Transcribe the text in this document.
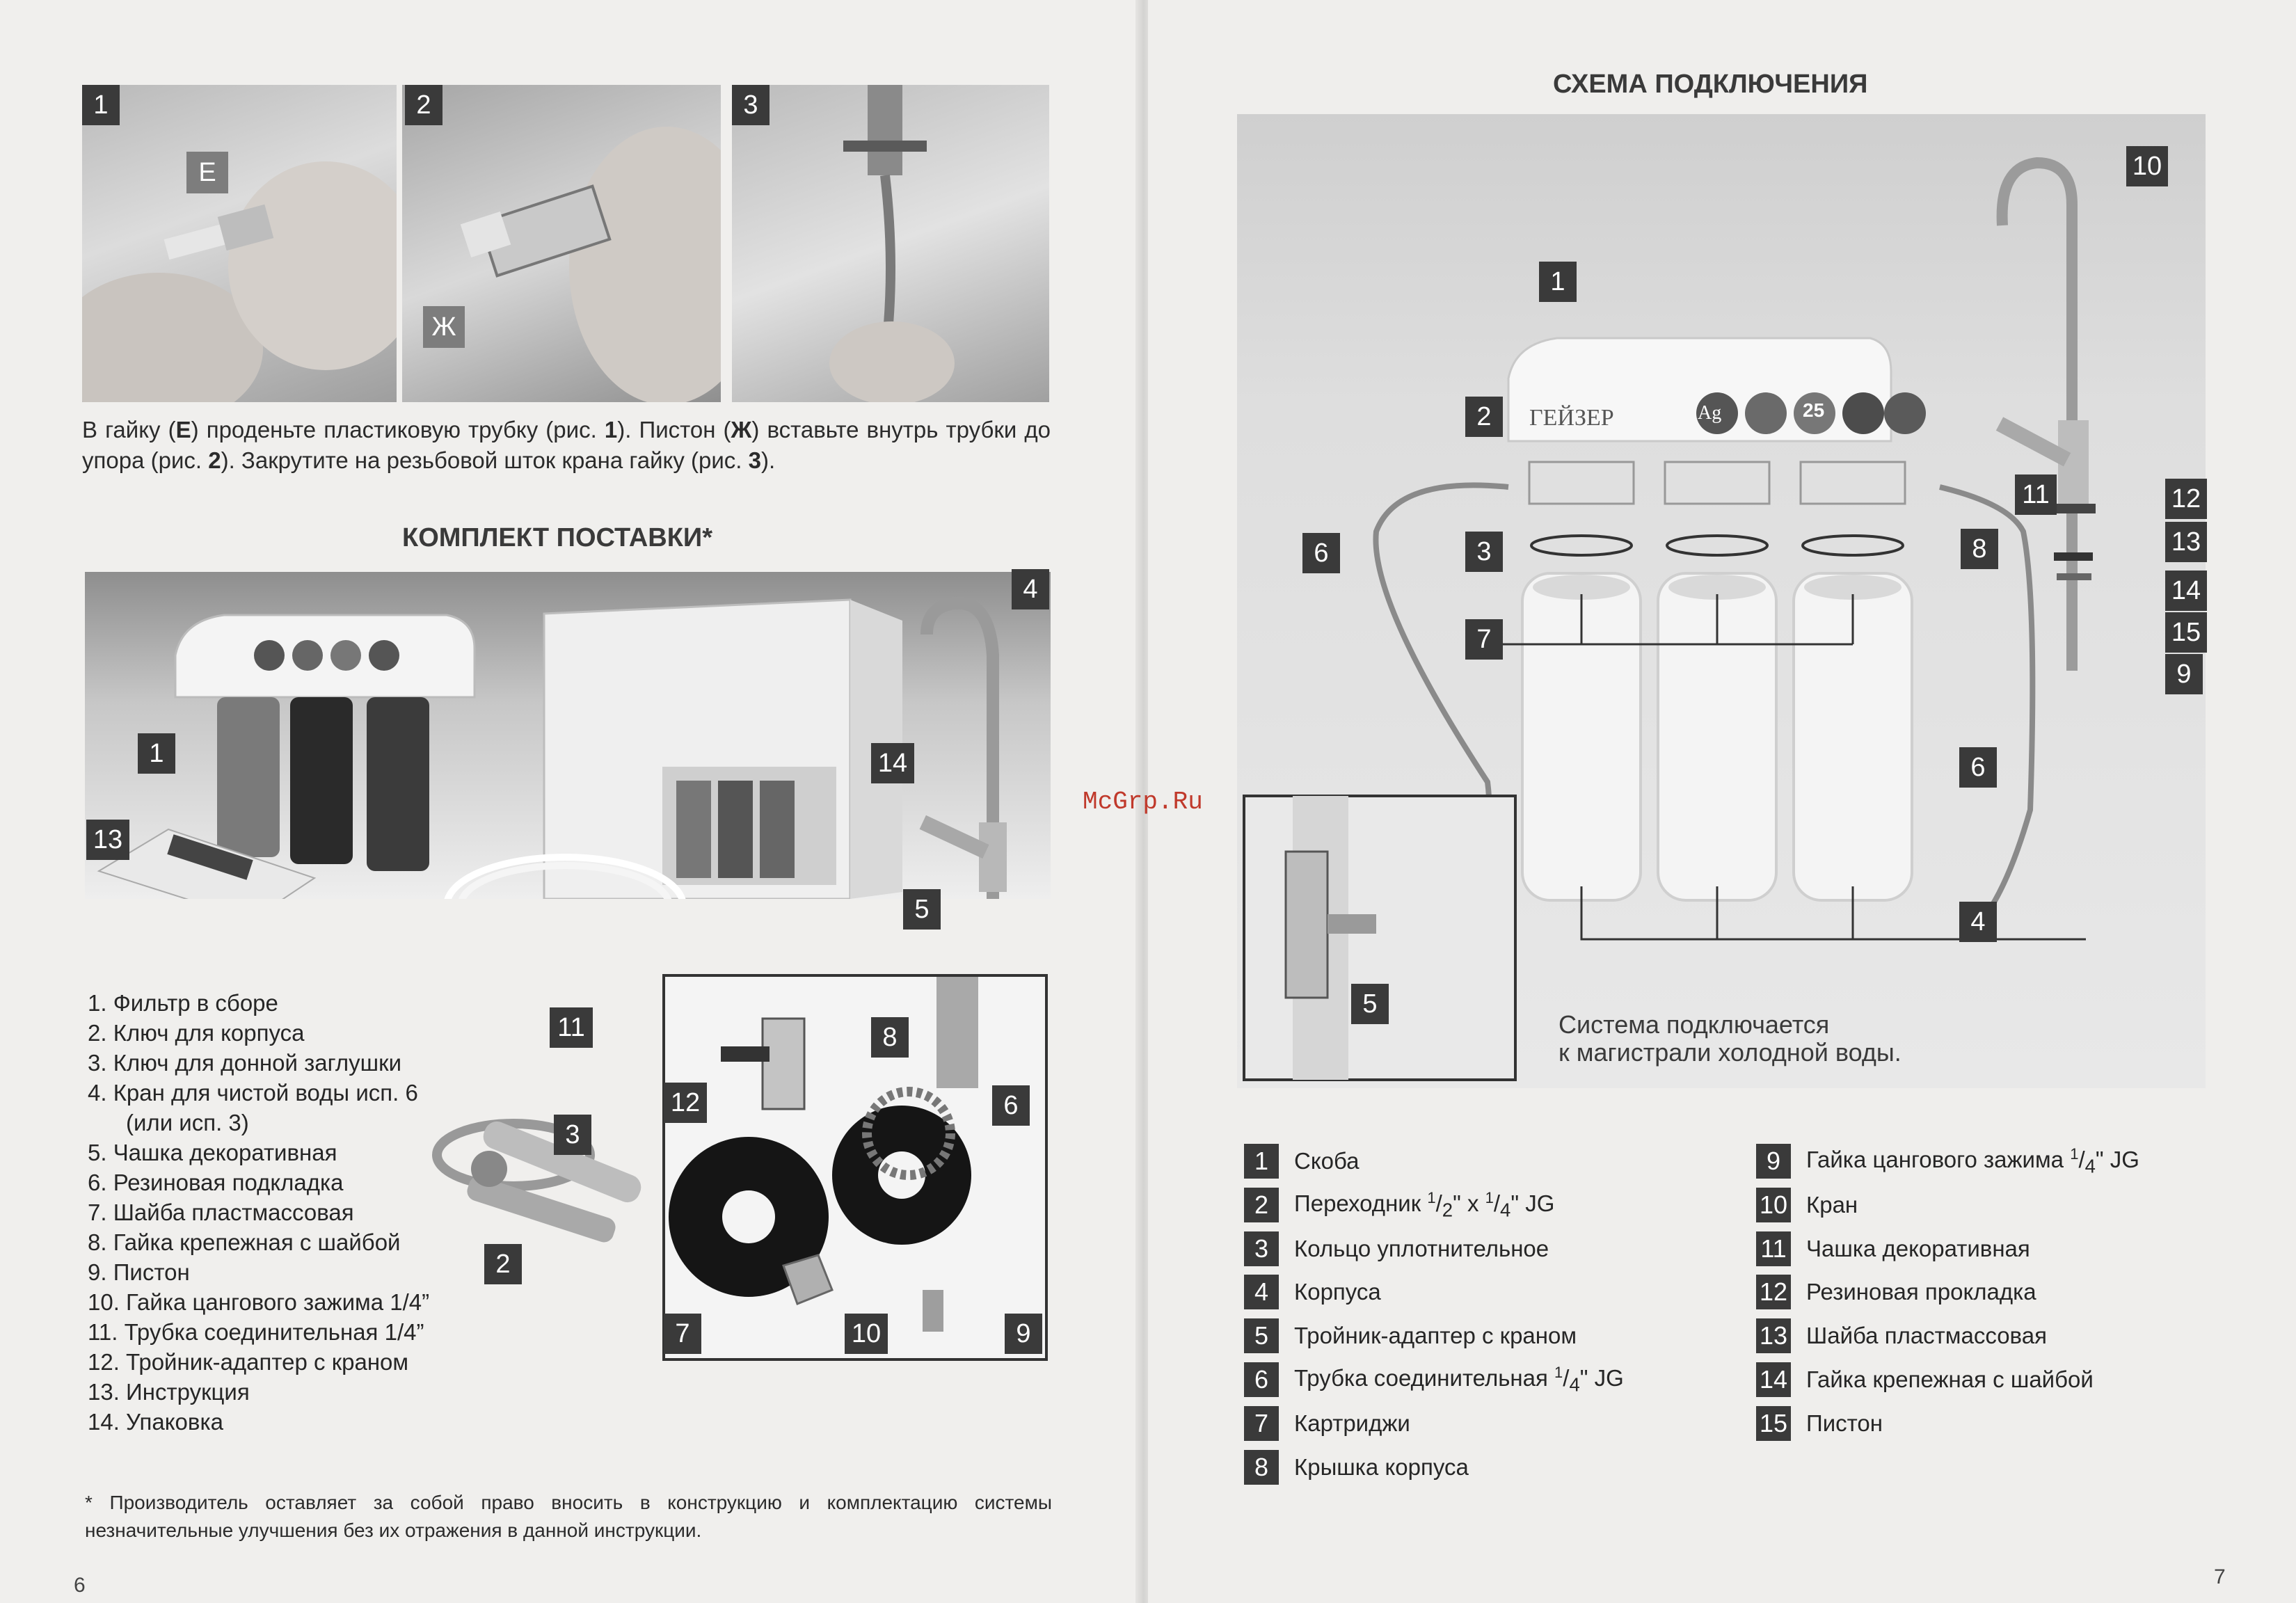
1	2	3
Е
Ж
В гайку (Е) проденьте пластиковую трубку (рис. 1). Пистон (Ж) вставьте внутрь трубки до упора (рис. 2). Закрутите на резьбовой шток крана гайку (рис. 3).
КОМПЛЕКТ ПОСТАВКИ*
4
1	14
13
5
11	8
12	6
3
2
7	10	9
1. Фильтр в сборе
2. Ключ для корпуса
3. Ключ для донной заглушки
4. Кран для чистой воды исп. 6
(или исп. 3)
5. Чашка декоративная
6. Резиновая подкладка
7. Шайба пластмассовая
8. Гайка крепежная с шайбой
9. Пистон
10. Гайка цангового зажима 1/4”
11. Трубка соединительная 1/4”
12. Тройник-адаптер с краном
13. Инструкция
14. Упаковка
* Производитель оставляет за собой право вносить в конструкцию и комплектацию системы незначительные улучшения без их отражения в данной инструкции.
6
СХЕМА ПОДКЛЮЧЕНИЯ
10
1
2
11	12
6	3	8	13
14
7	15
9
6
4
5
ГЕЙЗЕР	Ag	25
Система подключается
к магистрали холодной воды.
1	Скоба
2	Переходник $^1/_2$" x $^1/_4$" JG
3	Кольцо уплотнительное
4	Корпуса
5	Тройник-адаптер с краном
6	Трубка соединительная $^1/_4$" JG
7	Картриджи
8	Крышка корпуса
9	Гайка цангового зажима $^1/_4$" JG
10 Кран
11 Чашка декоративная
12 Резиновая прокладка
13 Шайба пластмассовая
14 Гайка крепежная с шайбой
15 Пистон
7
McGrp.Ru
